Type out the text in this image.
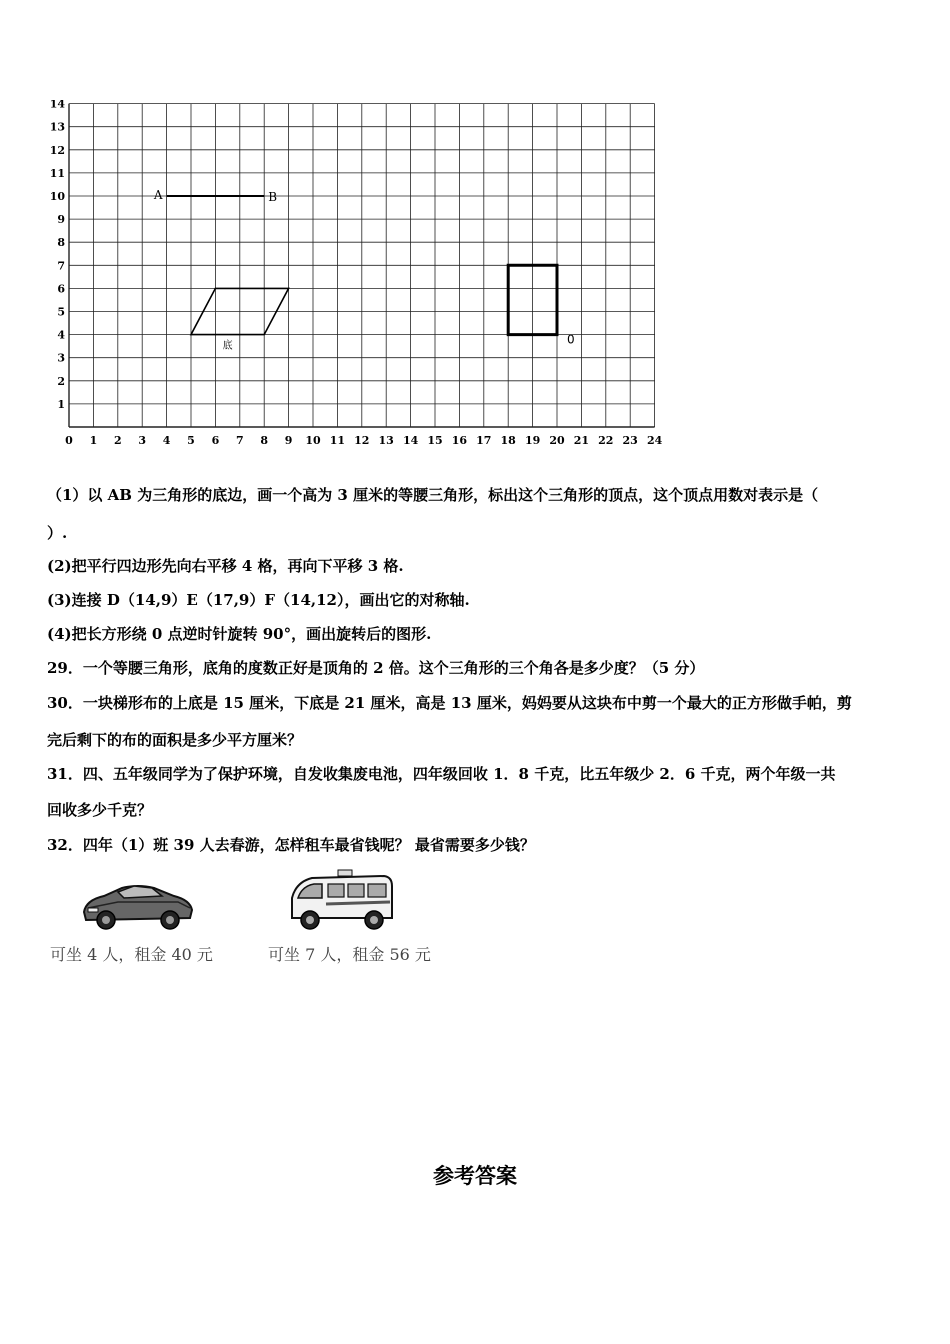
0 1 2 3 4 5 6 7 8 9 10 11 12 13 14 15 16 17 18 19 20 21 22 23 24
1
2
3
4
5
6
7
8
9
10
11
12
13
14
A	B
底	0
（1）以 AB 为三角形的底边，画一个高为 3 厘米的等腰三角形，标出这个三角形的顶点，这个顶点用数对表示是（
）.
(2)把平行四边形先向右平移 4 格，再向下平移 3 格.
(3)连接 D（14,9）E（17,9）F（14,12），画出它的对称轴.
(4)把长方形绕 0 点逆时针旋转 90°，画出旋转后的图形.
29．一个等腰三角形，底角的度数正好是顶角的 2 倍。这个三角形的三个角各是多少度？（5 分）
30．一块梯形布的上底是 15 厘米，下底是 21 厘米，高是 13 厘米，妈妈要从这块布中剪一个最大的正方形做手帕，剪
完后剩下的布的面积是多少平方厘米？
31．四、五年级同学为了保护环境，自发收集废电池，四年级回收 1．8 千克，比五年级少 2．6 千克，两个年级一共
回收多少千克？
32．四年（1）班 39 人去春游，怎样租车最省钱呢？ 最省需要多少钱？
可坐 4 人，租金 40 元	可坐 7 人，租金 56 元
参考答案
